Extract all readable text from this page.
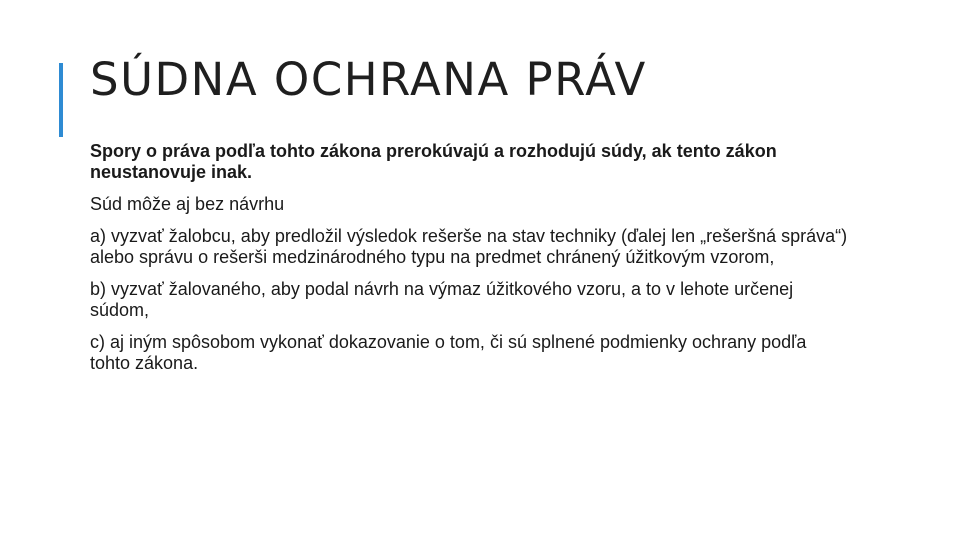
SÚDNA OCHRANA PRÁV

Spory o práva podľa tohto zákona prerokúvajú a rozhodujú súdy, ak tento zákon neustanovuje inak.

Súd môže aj bez návrhu

a) vyzvať žalobcu, aby predložil výsledok rešerše na stav techniky (ďalej len „rešeršná správa“) alebo správu o rešerši medzinárodného typu na predmet chránený úžitkovým vzorom,

b) vyzvať žalovaného, aby podal návrh na výmaz úžitkového vzoru, a to v lehote určenej súdom,

c) aj iným spôsobom vykonať dokazovanie o tom, či sú splnené podmienky ochrany podľa tohto zákona.
